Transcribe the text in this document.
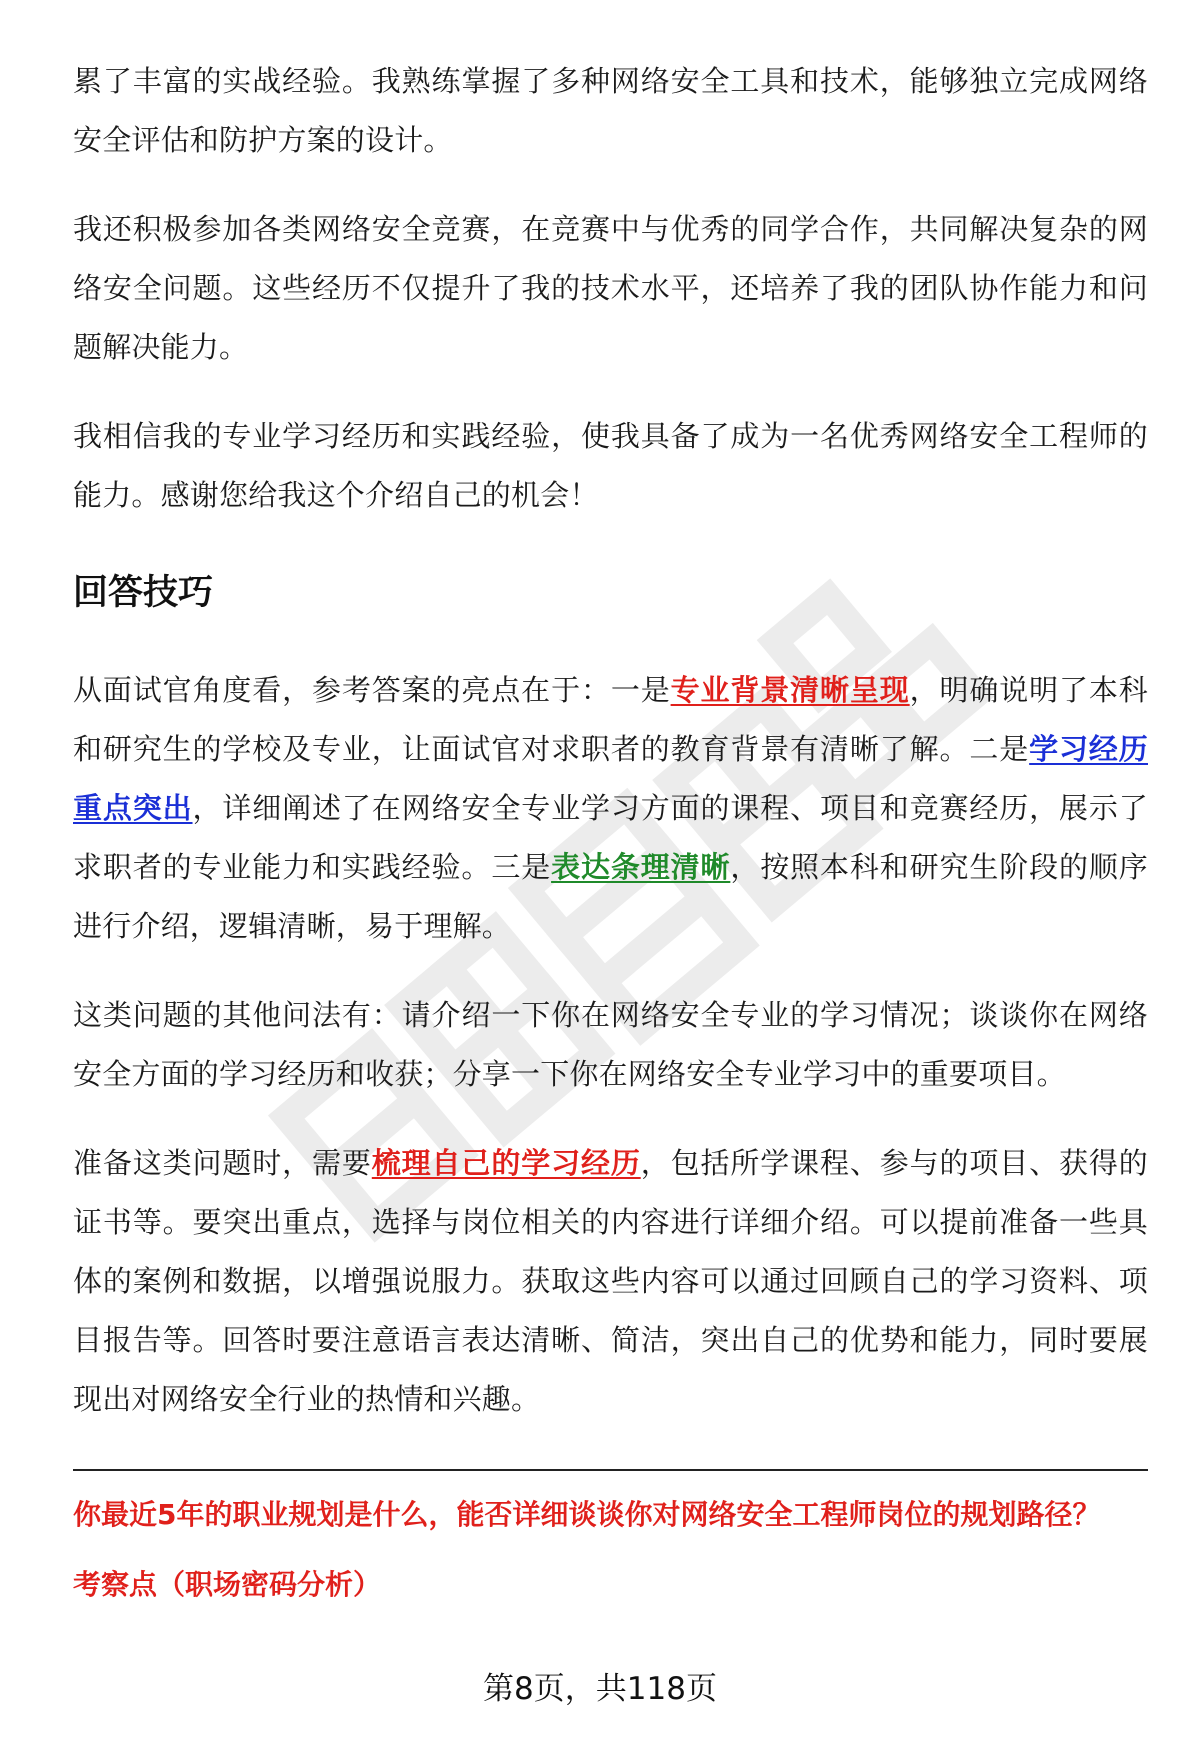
累了丰富的实战经验。我熟练掌握了多种网络安全工具和技术，能够独立完成网络安全评估和防护方案的设计。

我还积极参加各类网络安全竞赛，在竞赛中与优秀的同学合作，共同解决复杂的网络安全问题。这些经历不仅提升了我的技术水平，还培养了我的团队协作能力和问题解决能力。

我相信我的专业学习经历和实践经验，使我具备了成为一名优秀网络安全工程师的能力。感谢您给我这个介绍自己的机会！

回答技巧

从面试官角度看，参考答案的亮点在于：一是专业背景清晰呈现，明确说明了本科和研究生的学校及专业，让面试官对求职者的教育背景有清晰了解。二是学习经历重点突出，详细阐述了在网络安全专业学习方面的课程、项目和竞赛经历，展示了求职者的专业能力和实践经验。三是表达条理清晰，按照本科和研究生阶段的顺序进行介绍，逻辑清晰，易于理解。

这类问题的其他问法有：请介绍一下你在网络安全专业的学习情况；谈谈你在网络安全方面的学习经历和收获；分享一下你在网络安全专业学习中的重要项目。

准备这类问题时，需要梳理自己的学习经历，包括所学课程、参与的项目、获得的证书等。要突出重点，选择与岗位相关的内容进行详细介绍。可以提前准备一些具体的案例和数据，以增强说服力。获取这些内容可以通过回顾自己的学习资料、项目报告等。回答时要注意语言表达清晰、简洁，突出自己的优势和能力，同时要展现出对网络安全行业的热情和兴趣。

你最近5年的职业规划是什么，能否详细谈谈你对网络安全工程师岗位的规划路径？

考察点（职场密码分析）

第8页，共118页
